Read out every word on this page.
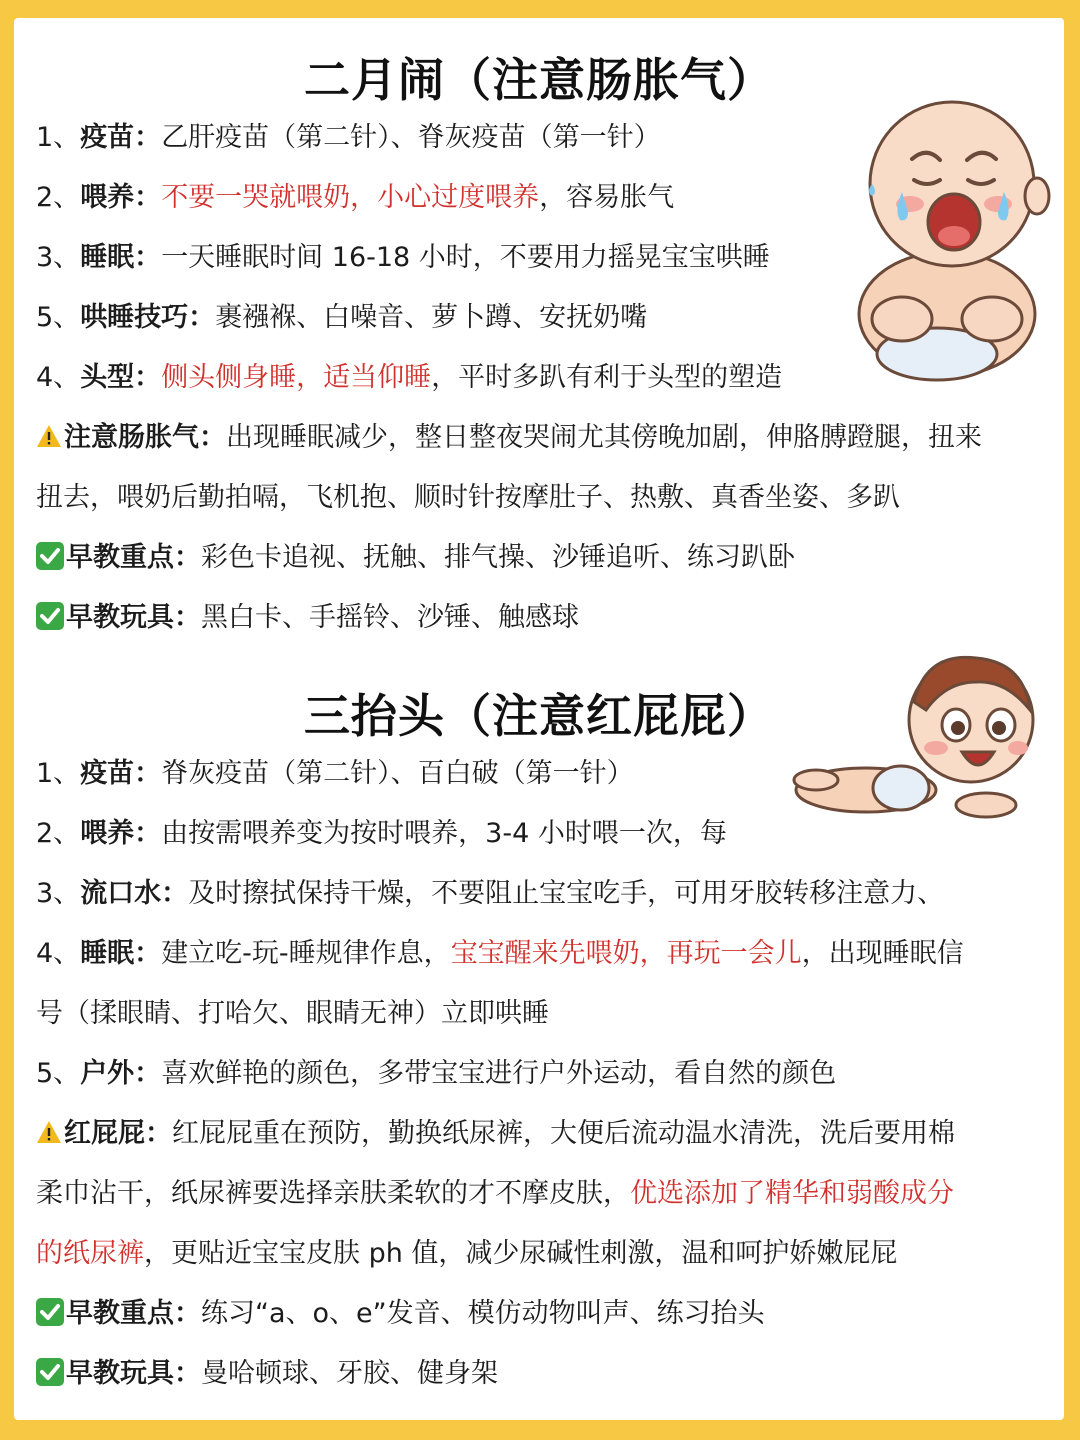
二月闹（注意肠胀气）
1、疫苗：乙肝疫苗（第二针）、脊灰疫苗（第一针）
2、喂养：不要一哭就喂奶，小心过度喂养，容易胀气
3、睡眠：一天睡眠时间 16-18 小时，不要用力摇晃宝宝哄睡
5、哄睡技巧：裹襁褓、白噪音、萝卜蹲、安抚奶嘴
4、头型：侧头侧身睡，适当仰睡，平时多趴有利于头型的塑造
注意肠胀气：出现睡眠减少，整日整夜哭闹尤其傍晚加剧，伸胳膊蹬腿，扭来
扭去，喂奶后勤拍嗝，飞机抱、顺时针按摩肚子、热敷、真香坐姿、多趴
早教重点：彩色卡追视、抚触、排气操、沙锤追听、练习趴卧
早教玩具：黑白卡、手摇铃、沙锤、触感球
三抬头（注意红屁屁）
1、疫苗：脊灰疫苗（第二针）、百白破（第一针）
2、喂养：由按需喂养变为按时喂养，3-4 小时喂一次，每
3、流口水：及时擦拭保持干燥，不要阻止宝宝吃手，可用牙胶转移注意力、
4、睡眠：建立吃-玩-睡规律作息，宝宝醒来先喂奶，再玩一会儿，出现睡眠信
号（揉眼睛、打哈欠、眼睛无神）立即哄睡
5、户外：喜欢鲜艳的颜色，多带宝宝进行户外运动，看自然的颜色
红屁屁：红屁屁重在预防，勤换纸尿裤，大便后流动温水清洗，洗后要用棉
柔巾沾干，纸尿裤要选择亲肤柔软的才不摩皮肤，优选添加了精华和弱酸成分
的纸尿裤，更贴近宝宝皮肤 ph 值，减少尿碱性刺激，温和呵护娇嫩屁屁
早教重点：练习“a、o、e”发音、模仿动物叫声、练习抬头
早教玩具：曼哈顿球、牙胶、健身架
